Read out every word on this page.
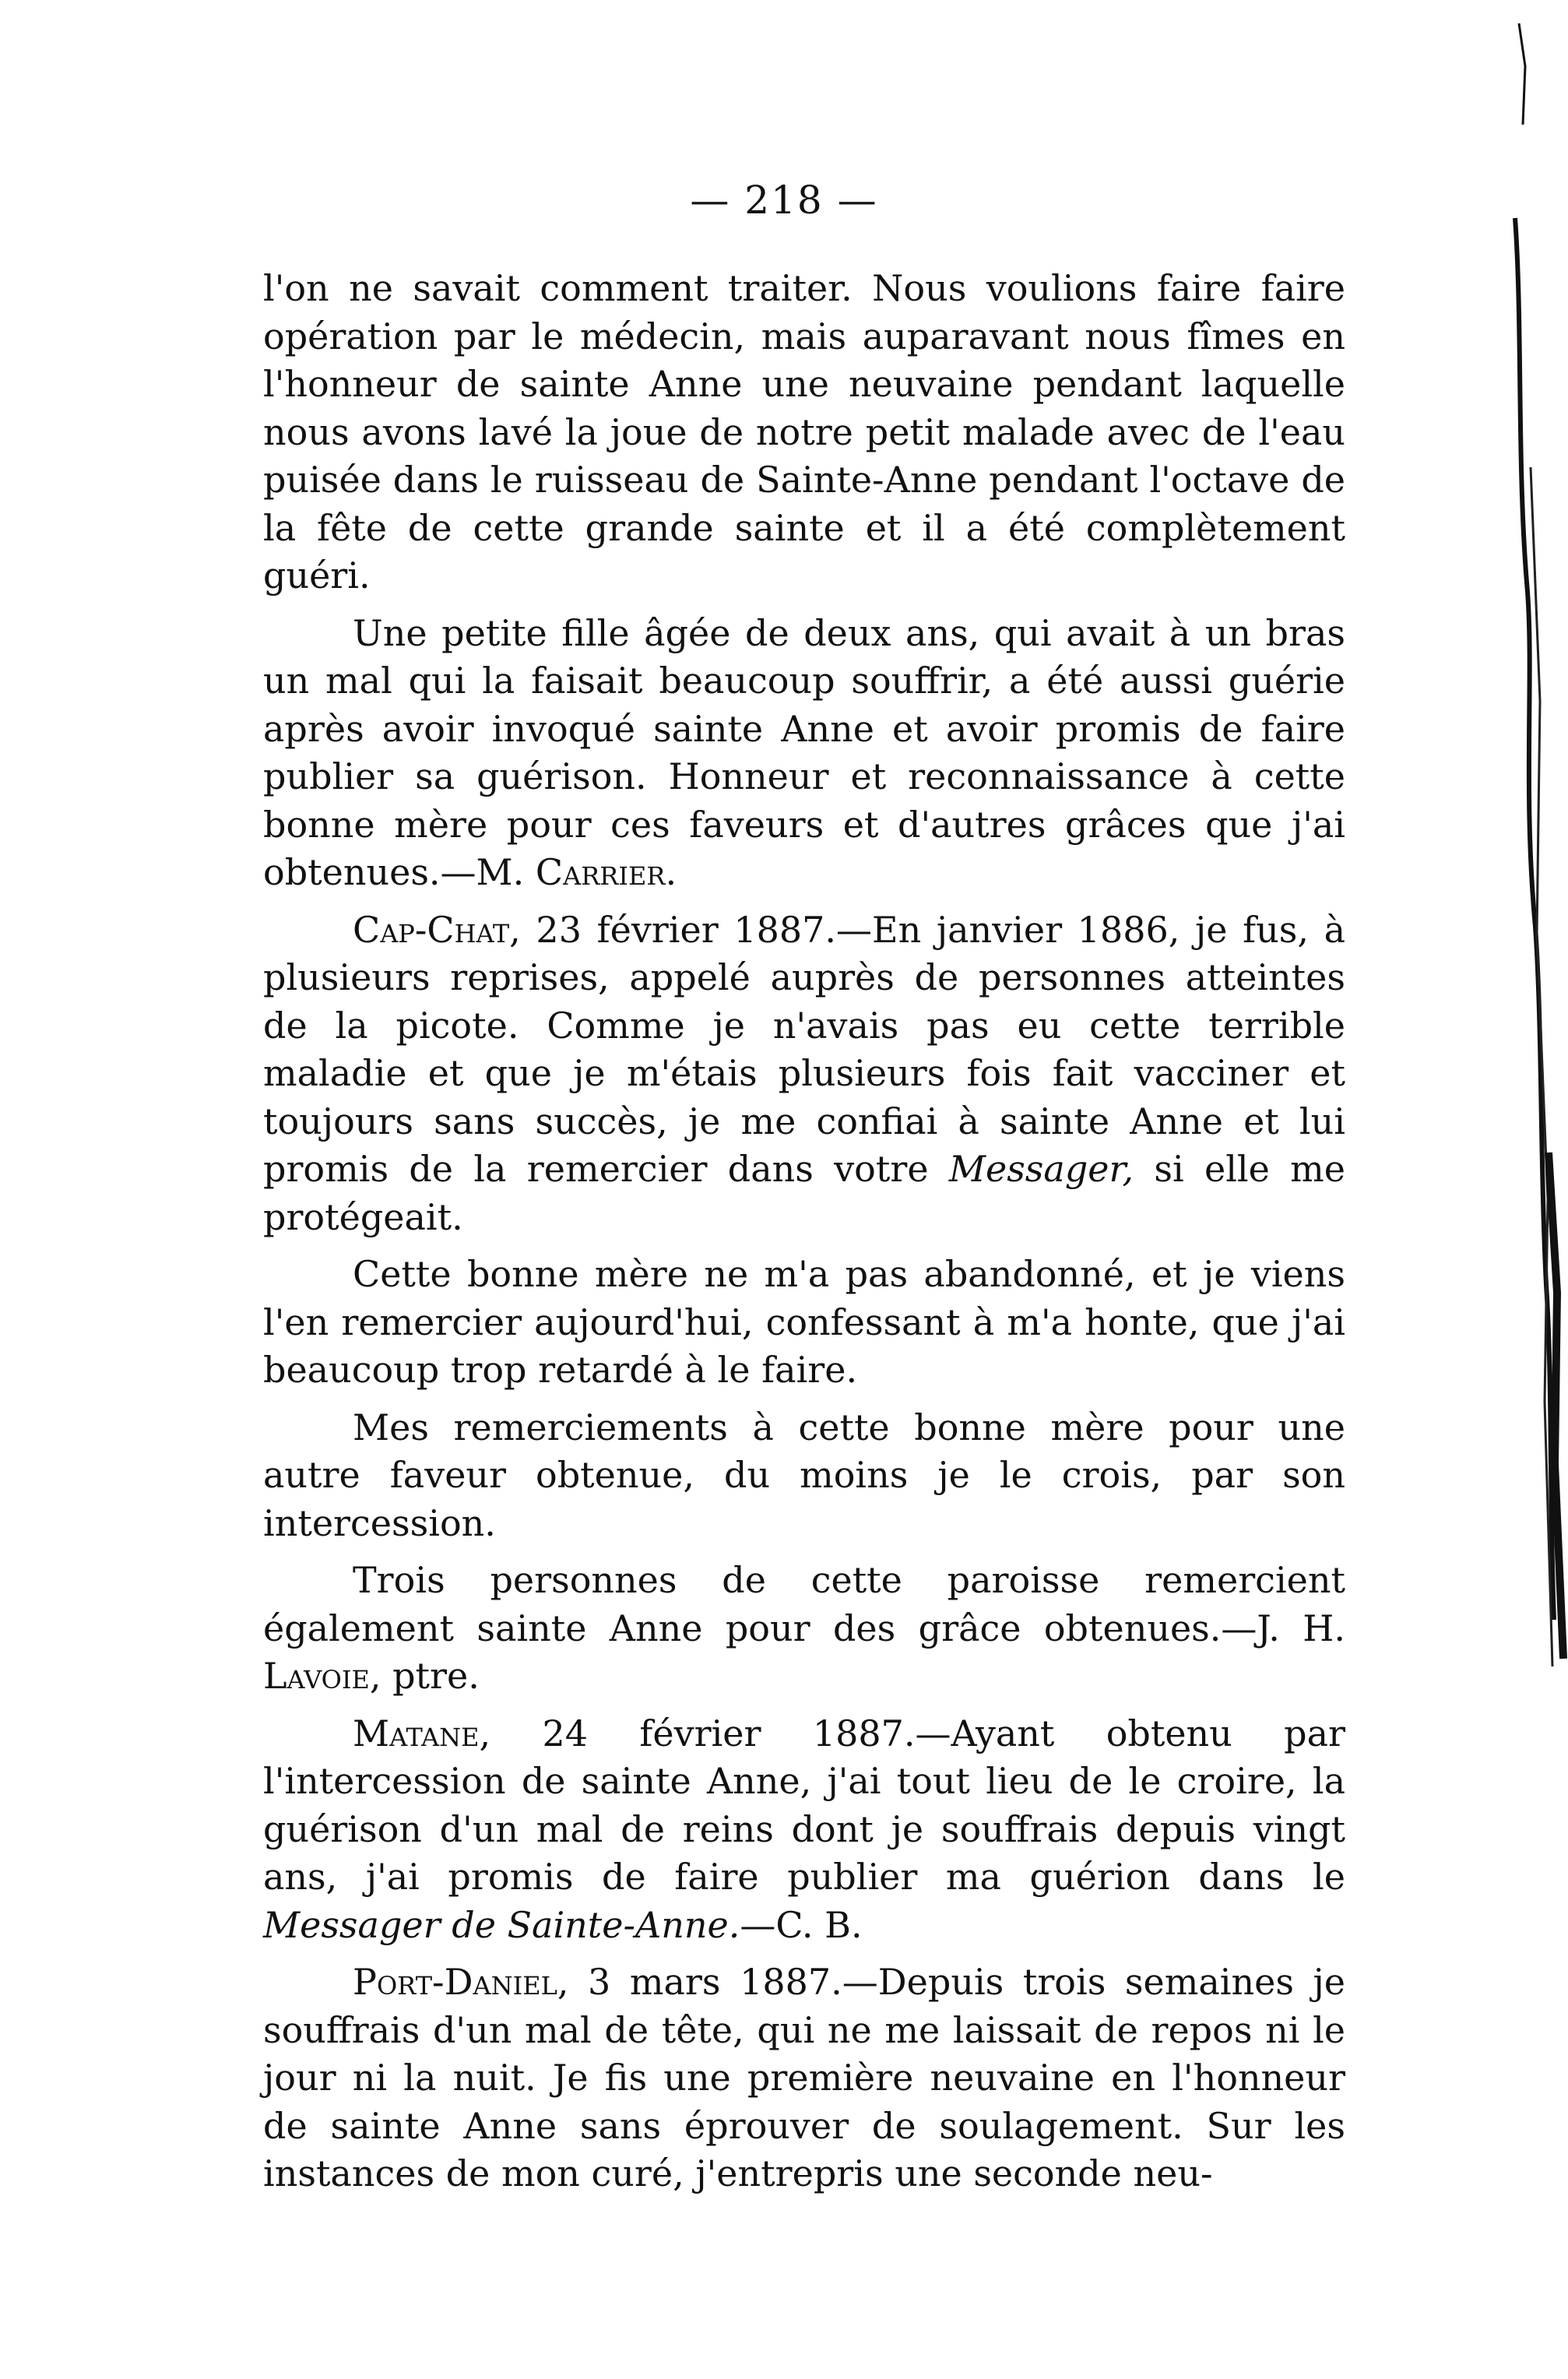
— 218 —

l'on ne savait comment traiter. Nous voulions faire faire opération par le médecin, mais auparavant nous fîmes en l'honneur de sainte Anne une neuvaine pendant laquelle nous avons lavé la joue de notre petit malade avec de l'eau puisée dans le ruisseau de Sainte-Anne pendant l'octave de la fête de cette grande sainte et il a été complètement guéri.

Une petite fille âgée de deux ans, qui avait à un bras un mal qui la faisait beaucoup souffrir, a été aussi guérie après avoir invoqué sainte Anne et avoir promis de faire publier sa guérison. Honneur et reconnaissance à cette bonne mère pour ces faveurs et d'autres grâces que j'ai obtenues.—M. Carrier.

Cap-Chat, 23 février 1887.—En janvier 1886, je fus, à plusieurs reprises, appelé auprès de personnes atteintes de la picote. Comme je n'avais pas eu cette terrible maladie et que je m'étais plusieurs fois fait vacciner et toujours sans succès, je me confiai à sainte Anne et lui promis de la remercier dans votre Messager, si elle me protégeait.

Cette bonne mère ne m'a pas abandonné, et je viens l'en remercier aujourd'hui, confessant à m'a honte, que j'ai beaucoup trop retardé à le faire.

Mes remerciements à cette bonne mère pour une autre faveur obtenue, du moins je le crois, par son intercession.

Trois personnes de cette paroisse remercient également sainte Anne pour des grâce obtenues.—J. H. Lavoie, ptre.

Matane, 24 février 1887.—Ayant obtenu par l'intercession de sainte Anne, j'ai tout lieu de le croire, la guérison d'un mal de reins dont je souffrais depuis vingt ans, j'ai promis de faire publier ma guérion dans le Messager de Sainte-Anne.—C. B.

Port-Daniel, 3 mars 1887.—Depuis trois semaines je souffrais d'un mal de tête, qui ne me laissait de repos ni le jour ni la nuit. Je fis une première neuvaine en l'honneur de sainte Anne sans éprouver de soulagement. Sur les instances de mon curé, j'entrepris une seconde neu-
